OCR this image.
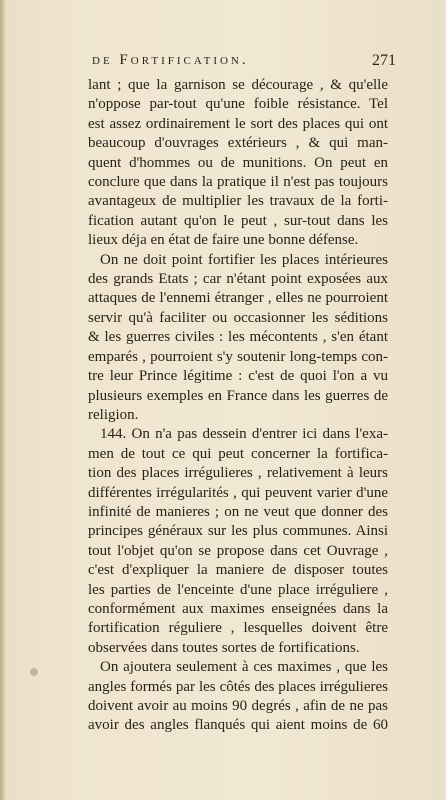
de Fortification.	271
lant ; que la garnison se décourage , & qu'elle
n'oppose par-tout qu'une foible résistance. Tel
est assez ordinairement le sort des places qui ont
beaucoup d'ouvrages extérieurs , & qui man-
quent d'hommes ou de munitions. On peut en
conclure que dans la pratique il n'est pas toujours
avantageux de multiplier les travaux de la forti-
fication autant qu'on le peut , sur-tout dans les
lieux déja en état de faire une bonne défense.
On ne doit point fortifier les places intérieures
des grands Etats ; car n'étant point exposées aux
attaques de l'ennemi étranger , elles ne pourroient
servir qu'à faciliter ou occasionner les séditions
& les guerres civiles : les mécontents , s'en étant
emparés , pourroient s'y soutenir long-temps con-
tre leur Prince légitime : c'est de quoi l'on a vu
plusieurs exemples en France dans les guerres de
religion.
144. On n'a pas dessein d'entrer ici dans l'exa-
men de tout ce qui peut concerner la fortifica-
tion des places irrégulieres , relativement à leurs
différentes irrégularités , qui peuvent varier d'une
infinité de manieres ; on ne veut que donner des
principes généraux sur les plus communes. Ainsi
tout l'objet qu'on se propose dans cet Ouvrage ,
c'est d'expliquer la maniere de disposer toutes
les parties de l'enceinte d'une place irréguliere ,
conformément aux maximes enseignées dans la
fortification réguliere , lesquelles doivent être
observées dans toutes sortes de fortifications.
On ajoutera seulement à ces maximes , que les
angles formés par les côtés des places irrégulieres
doivent avoir au moins 90 degrés , afin de ne pas
avoir des angles flanqués qui aient moins de 60
